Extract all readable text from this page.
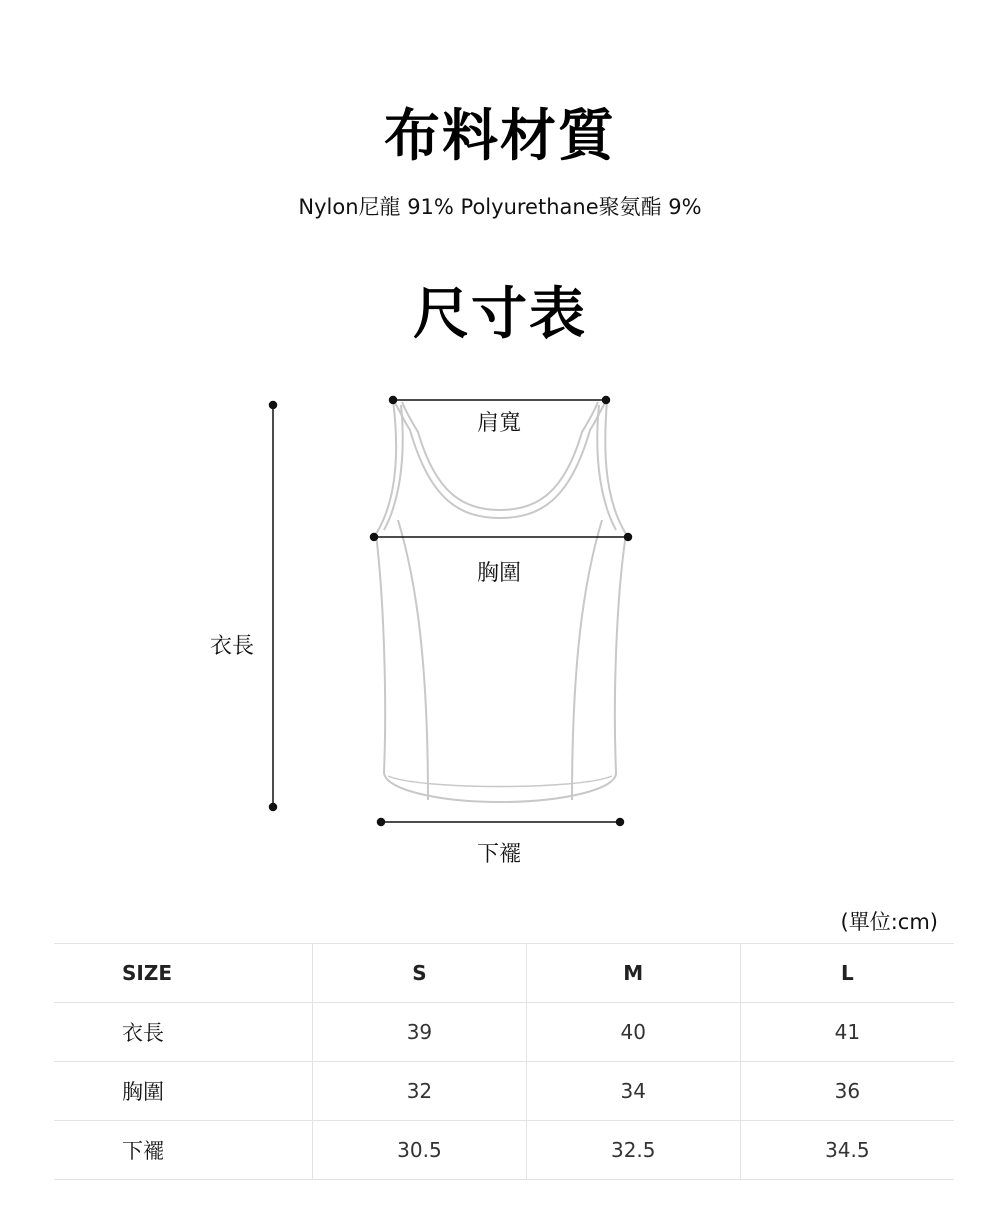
布料材質
Nylon尼龍 91% Polyurethane聚氨酯 9%
尺寸表
肩寬
胸圍
衣長
下襬
(單位:cm)
SIZE	S	M	L
衣長	39	40	41
胸圍	32	34	36
下襬	30.5	32.5	34.5
